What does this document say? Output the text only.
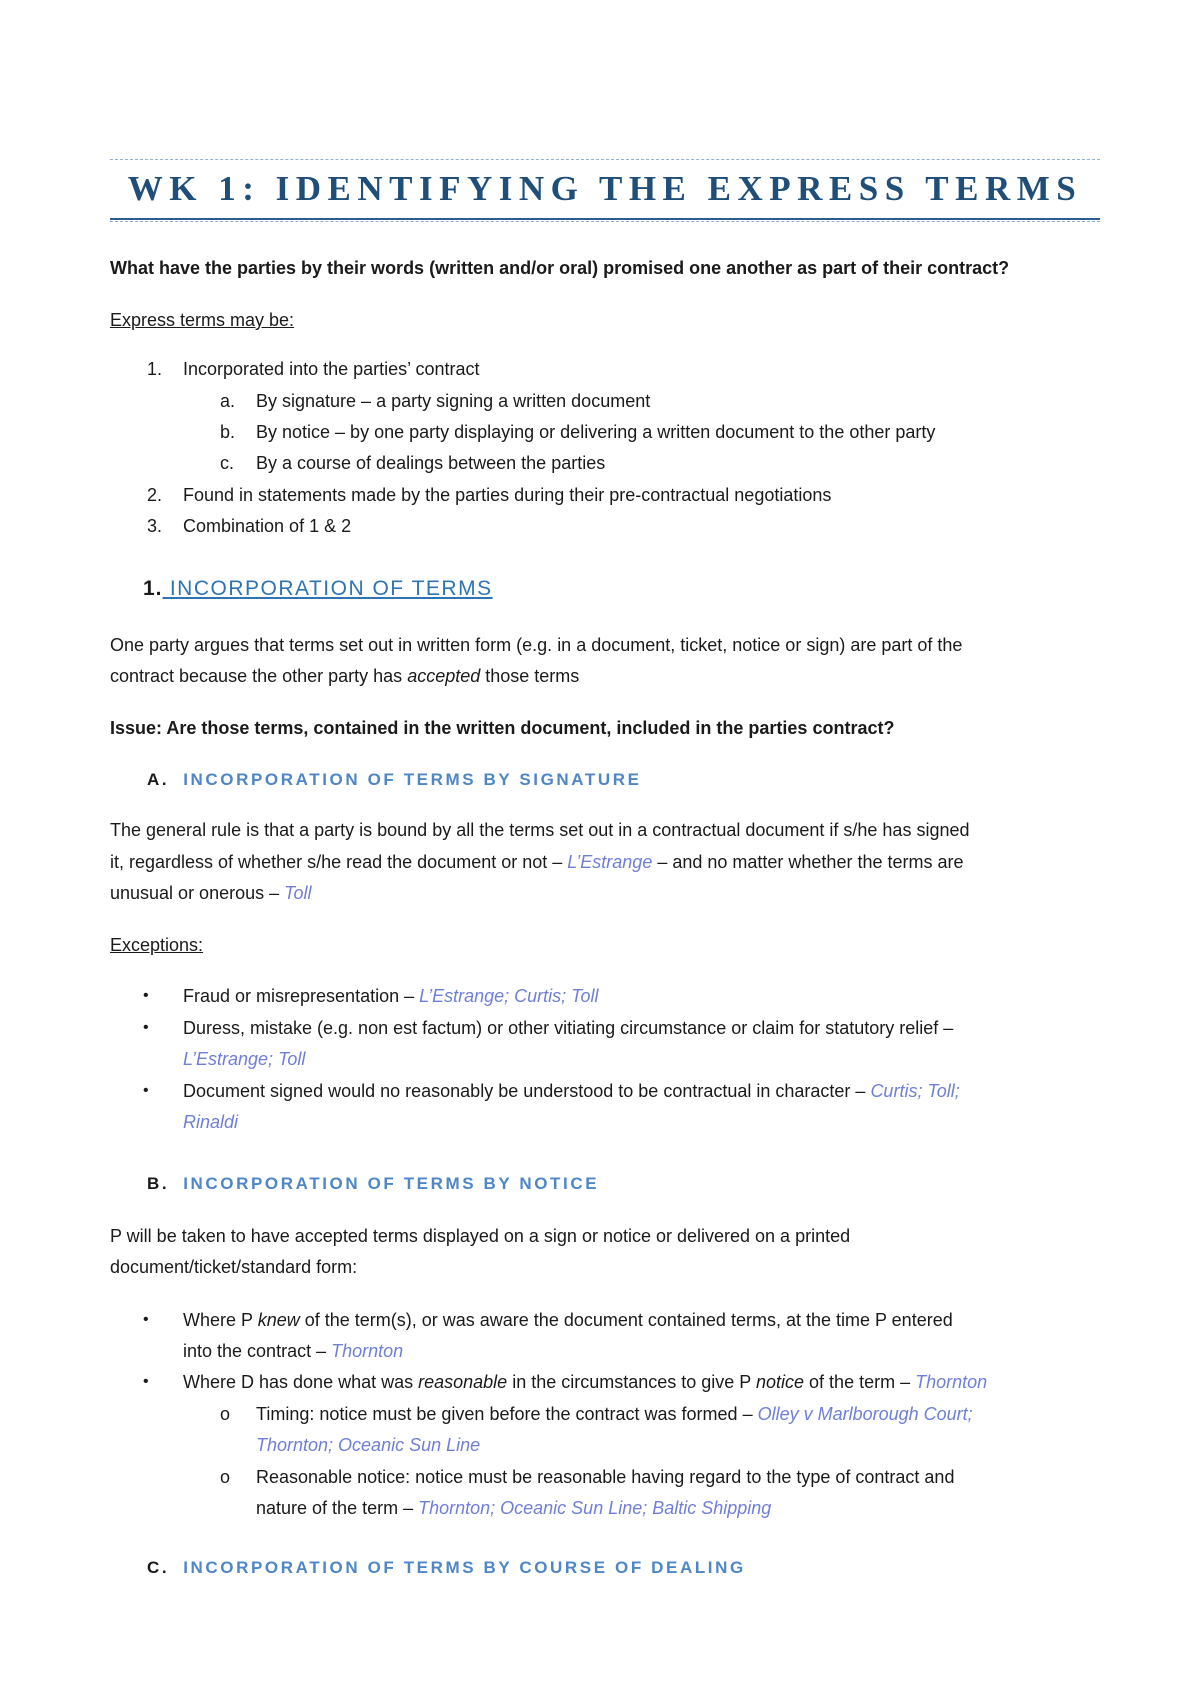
WK 1: IDENTIFYING THE EXPRESS TERMS
What have the parties by their words (written and/or oral) promised one another as part of their contract?
Express terms may be:
1. Incorporated into the parties’ contract
a. By signature – a party signing a written document
b. By notice – by one party displaying or delivering a written document to the other party
c. By a course of dealings between the parties
2. Found in statements made by the parties during their pre-contractual negotiations
3. Combination of 1 & 2
1. INCORPORATION OF TERMS
One party argues that terms set out in written form (e.g. in a document, ticket, notice or sign) are part of the
contract because the other party has accepted those terms
Issue: Are those terms, contained in the written document, included in the parties contract?
A. INCORPORATION OF TERMS BY SIGNATURE
The general rule is that a party is bound by all the terms set out in a contractual document if s/he has signed
it, regardless of whether s/he read the document or not – L’Estrange – and no matter whether the terms are
unusual or onerous – Toll
Exceptions:
• Fraud or misrepresentation – L’Estrange; Curtis; Toll
• Duress, mistake (e.g. non est factum) or other vitiating circumstance or claim for statutory relief –
L’Estrange; Toll
• Document signed would no reasonably be understood to be contractual in character – Curtis; Toll;
Rinaldi
B. INCORPORATION OF TERMS BY NOTICE
P will be taken to have accepted terms displayed on a sign or notice or delivered on a printed
document/ticket/standard form:
• Where P knew of the term(s), or was aware the document contained terms, at the time P entered
into the contract – Thornton
• Where D has done what was reasonable in the circumstances to give P notice of the term – Thornton
o Timing: notice must be given before the contract was formed – Olley v Marlborough Court;
Thornton; Oceanic Sun Line
o Reasonable notice: notice must be reasonable having regard to the type of contract and
nature of the term – Thornton; Oceanic Sun Line; Baltic Shipping
C. INCORPORATION OF TERMS BY COURSE OF DEALING
